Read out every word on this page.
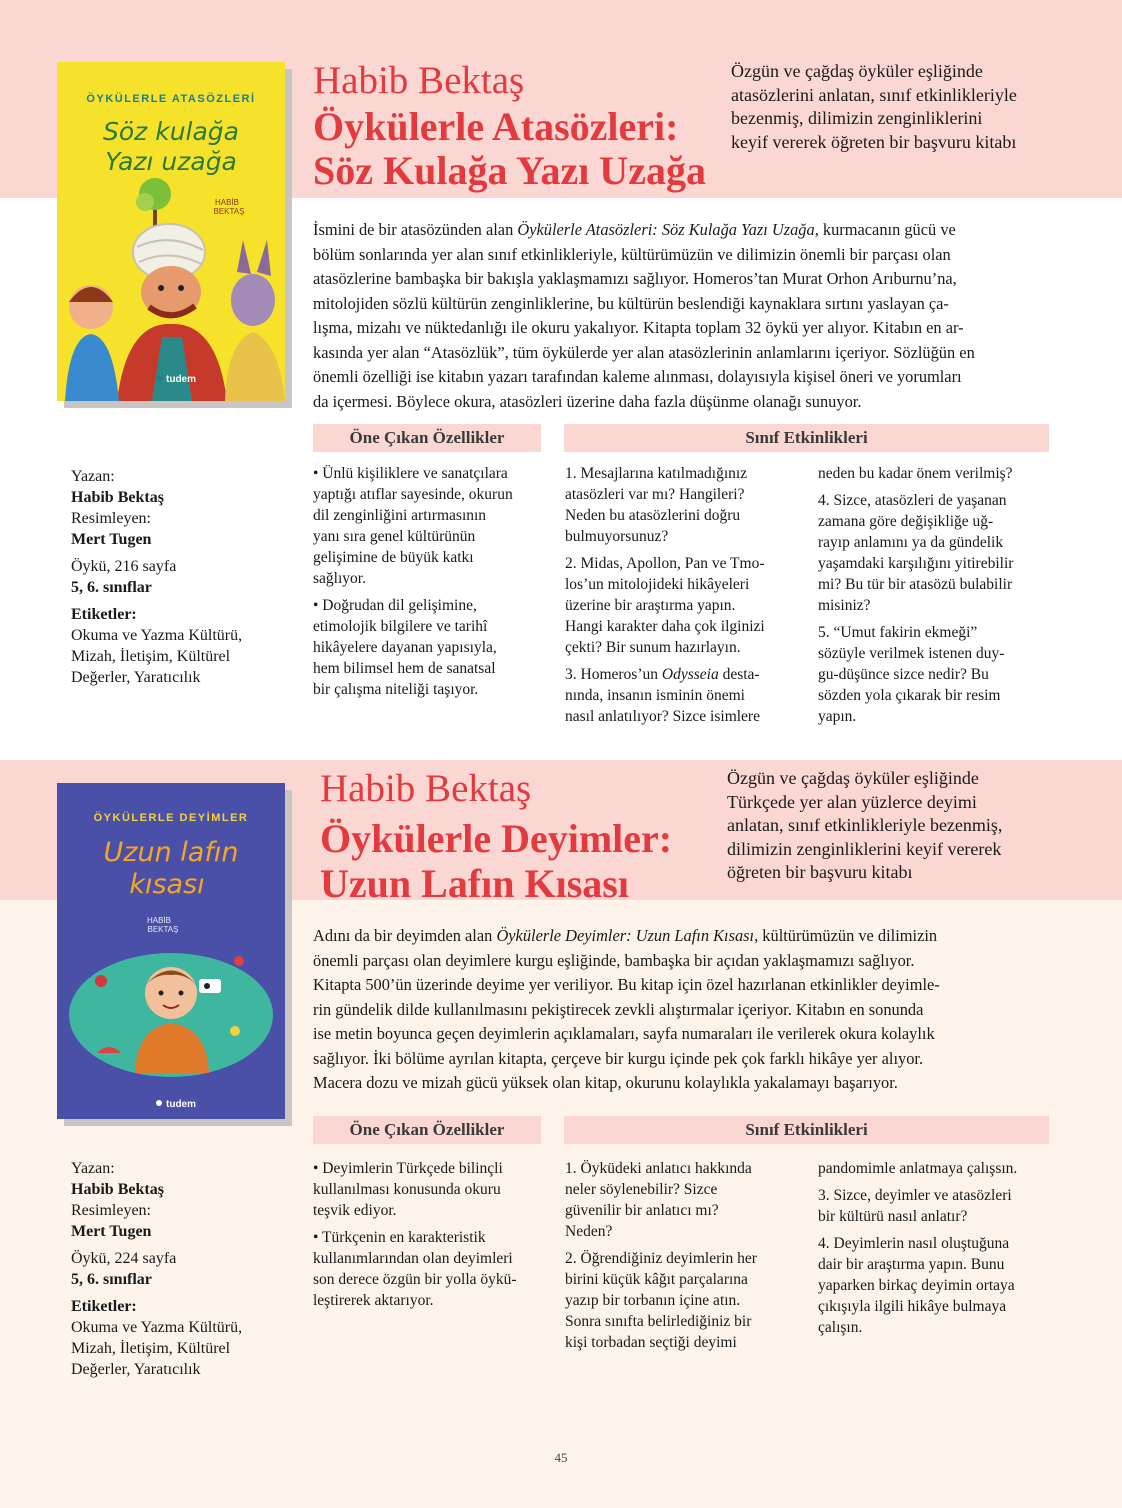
ÖYKÜLERLE ATASÖZLERİ
Söz kulağa
Yazı uzağa
HABİB
BEKTAŞ
tudem
Habib Bektaş
Öykülerle Atasözleri:
Söz Kulağa Yazı Uzağa
Özgün ve çağdaş öyküler eşliğinde
atasözlerini anlatan, sınıf etkinlikleriyle
bezenmiş, dilimizin zenginliklerini
keyif vererek öğreten bir başvuru kitabı

İsmini de bir atasözünden alan Öykülerle Atasözleri: Söz Kulağa Yazı Uzağa, kurmacanın gücü ve

bölüm sonlarında yer alan sınıf etkinlikleriyle, kültürümüzün ve dilimizin önemli bir parçası olan

atasözlerine bambaşka bir bakışla yaklaşmamızı sağlıyor. Homeros’tan Murat Orhon Arıburnu’na,

mitolojiden sözlü kültürün zenginliklerine, bu kültürün beslendiği kaynaklara sırtını yaslayan ça-

lışma, mizahı ve nüktedanlığı ile okuru yakalıyor. Kitapta toplam 32 öykü yer alıyor. Kitabın en ar-

kasında yer alan “Atasözlük”, tüm öykülerde yer alan atasözlerinin anlamlarını içeriyor. Sözlüğün en

önemli özelliği ise kitabın yazarı tarafından kaleme alınması, dolayısıyla kişisel öneri ve yorumları

da içermesi. Böylece okura, atasözleri üzerine daha fazla düşünme olanağı sunuyor.

Öne Çıkan Özellikler	Sınıf Etkinlikleri
Yazan:
Habib Bektaş
Resimleyen:
Mert Tugen
Öykü, 216 sayfa
5, 6. sınıflar
Etiketler:
Okuma ve Yazma Kültürü,
Mizah, İletişim, Kültürel
Değerler, Yaratıcılık
• Ünlü kişiliklere ve sanatçılara
yaptığı atıflar sayesinde, okurun
dil zenginliğini artırmasının
yanı sıra genel kültürünün
gelişimine de büyük katkı
sağlıyor.
• Doğrudan dil gelişimine,
etimolojik bilgilere ve tarihî
hikâyelere dayanan yapısıyla,
hem bilimsel hem de sanatsal
bir çalışma niteliği taşıyor.
1. Mesajlarına katılmadığınız
atasözleri var mı? Hangileri?
Neden bu atasözlerini doğru
bulmuyorsunuz?
2. Midas, Apollon, Pan ve Tmo-
los’un mitolojideki hikâyeleri
üzerine bir araştırma yapın.
Hangi karakter daha çok ilginizi
çekti? Bir sunum hazırlayın.
3. Homeros’un Odysseia desta-
nında, insanın isminin önemi
nasıl anlatılıyor? Sizce isimlere
neden bu kadar önem verilmiş?
4. Sizce, atasözleri de yaşanan
zamana göre değişikliğe uğ-
rayıp anlamını ya da gündelik
yaşamdaki karşılığını yitirebilir
mi? Bu tür bir atasözü bulabilir
misiniz?
5. “Umut fakirin ekmeği”
sözüyle verilmek istenen duy-
gu-düşünce sizce nedir? Bu
sözden yola çıkarak bir resim
yapın.
ÖYKÜLERLE DEYİMLER
Uzun lafın
kısası
HABİB
BEKTAŞ
tudem
Habib Bektaş
Öykülerle Deyimler:
Uzun Lafın Kısası
Özgün ve çağdaş öyküler eşliğinde
Türkçede yer alan yüzlerce deyimi
anlatan, sınıf etkinlikleriyle bezenmiş,
dilimizin zenginliklerini keyif vererek
öğreten bir başvuru kitabı

Adını da bir deyimden alan Öykülerle Deyimler: Uzun Lafın Kısası, kültürümüzün ve dilimizin

önemli parçası olan deyimlere kurgu eşliğinde, bambaşka bir açıdan yaklaşmamızı sağlıyor.

Kitapta 500’ün üzerinde deyime yer veriliyor. Bu kitap için özel hazırlanan etkinlikler deyimle-

rin gündelik dilde kullanılmasını pekiştirecek zevkli alıştırmalar içeriyor. Kitabın en sonunda

ise metin boyunca geçen deyimlerin açıklamaları, sayfa numaraları ile verilerek okura kolaylık

sağlıyor. İki bölüme ayrılan kitapta, çerçeve bir kurgu içinde pek çok farklı hikâye yer alıyor.

Macera dozu ve mizah gücü yüksek olan kitap, okurunu kolaylıkla yakalamayı başarıyor.

Öne Çıkan Özellikler	Sınıf Etkinlikleri
Yazan:
Habib Bektaş
Resimleyen:
Mert Tugen
Öykü, 224 sayfa
5, 6. sınıflar
Etiketler:
Okuma ve Yazma Kültürü,
Mizah, İletişim, Kültürel
Değerler, Yaratıcılık
• Deyimlerin Türkçede bilinçli
kullanılması konusunda okuru
teşvik ediyor.
• Türkçenin en karakteristik
kullanımlarından olan deyimleri
son derece özgün bir yolla öykü-
leştirerek aktarıyor.
1. Öyküdeki anlatıcı hakkında
neler söylenebilir? Sizce
güvenilir bir anlatıcı mı?
Neden?
2. Öğrendiğiniz deyimlerin her
birini küçük kâğıt parçalarına
yazıp bir torbanın içine atın.
Sonra sınıfta belirlediğiniz bir
kişi torbadan seçtiği deyimi
pandomimle anlatmaya çalışsın.
3. Sizce, deyimler ve atasözleri
bir kültürü nasıl anlatır?
4. Deyimlerin nasıl oluştuğuna
dair bir araştırma yapın. Bunu
yaparken birkaç deyimin ortaya
çıkışıyla ilgili hikâye bulmaya
çalışın.
45
